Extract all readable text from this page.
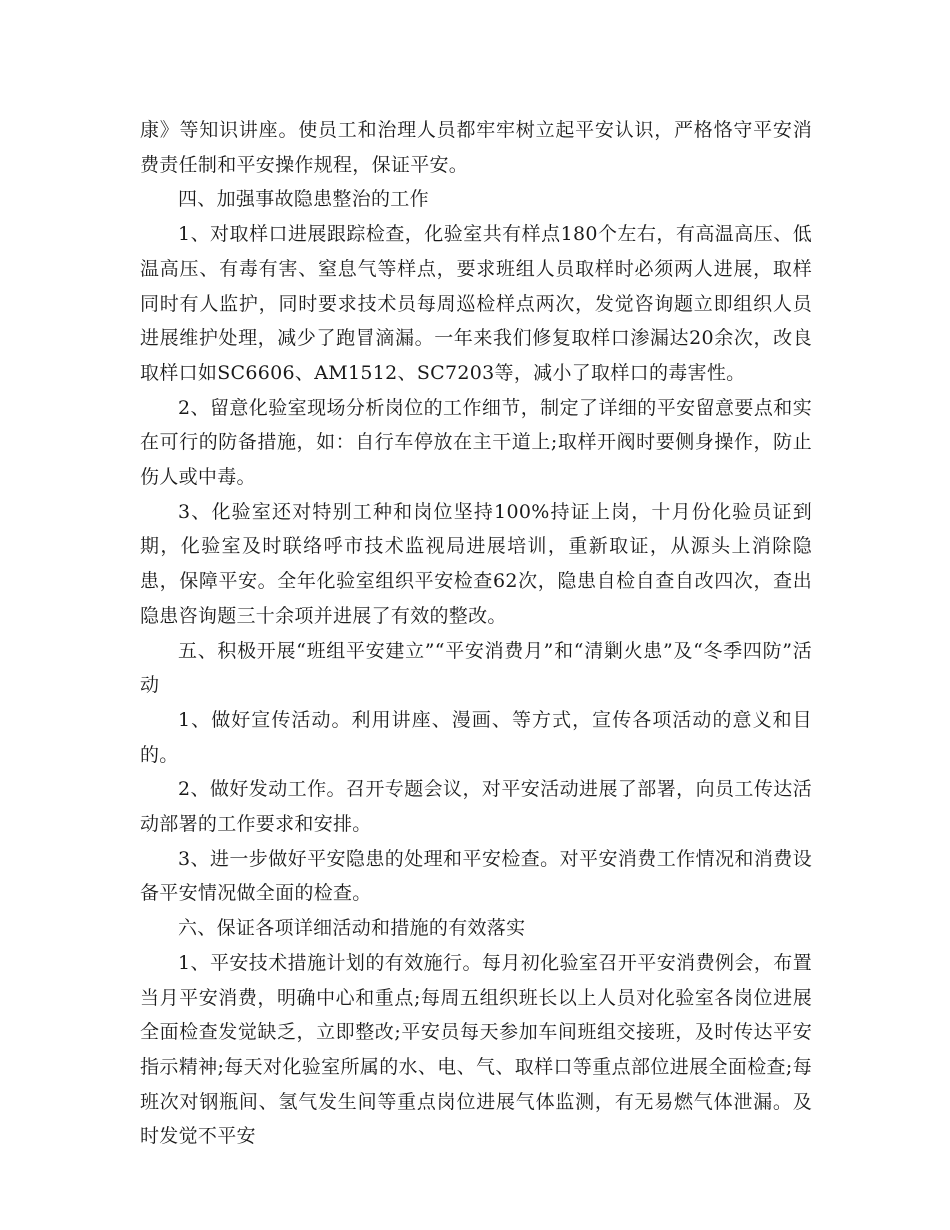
康》等知识讲座。使员工和治理人员都牢牢树立起平安认识，严格恪守平安消费责任制和平安操作规程，保证平安。

四、加强事故隐患整治的工作

1、对取样口进展跟踪检查，化验室共有样点180个左右，有高温高压、低温高压、有毒有害、窒息气等样点，要求班组人员取样时必须两人进展，取样同时有人监护，同时要求技术员每周巡检样点两次，发觉咨询题立即组织人员进展维护处理，减少了跑冒滴漏。一年来我们修复取样口渗漏达20余次，改良取样口如SC6606、AM1512、SC7203等，减小了取样口的毒害性。

2、留意化验室现场分析岗位的工作细节，制定了详细的平安留意要点和实在可行的防备措施，如：自行车停放在主干道上;取样开阀时要侧身操作，防止伤人或中毒。

3、化验室还对特别工种和岗位坚持100%持证上岗，十月份化验员证到期，化验室及时联络呼市技术监视局进展培训，重新取证，从源头上消除隐患，保障平安。全年化验室组织平安检查62次，隐患自检自查自改四次，查出隐患咨询题三十余项并进展了有效的整改。

五、积极开展“班组平安建立”“平安消费月”和“清剿火患”及“冬季四防”活动

1、做好宣传活动。利用讲座、漫画、等方式，宣传各项活动的意义和目的。

2、做好发动工作。召开专题会议，对平安活动进展了部署，向员工传达活动部署的工作要求和安排。

3、进一步做好平安隐患的处理和平安检查。对平安消费工作情况和消费设备平安情况做全面的检查。

六、保证各项详细活动和措施的有效落实

1、平安技术措施计划的有效施行。每月初化验室召开平安消费例会，布置当月平安消费，明确中心和重点;每周五组织班长以上人员对化验室各岗位进展全面检查发觉缺乏，立即整改;平安员每天参加车间班组交接班，及时传达平安指示精神;每天对化验室所属的水、电、气、取样口等重点部位进展全面检查;每班次对钢瓶间、氢气发生间等重点岗位进展气体监测，有无易燃气体泄漏。及时发觉不平安
